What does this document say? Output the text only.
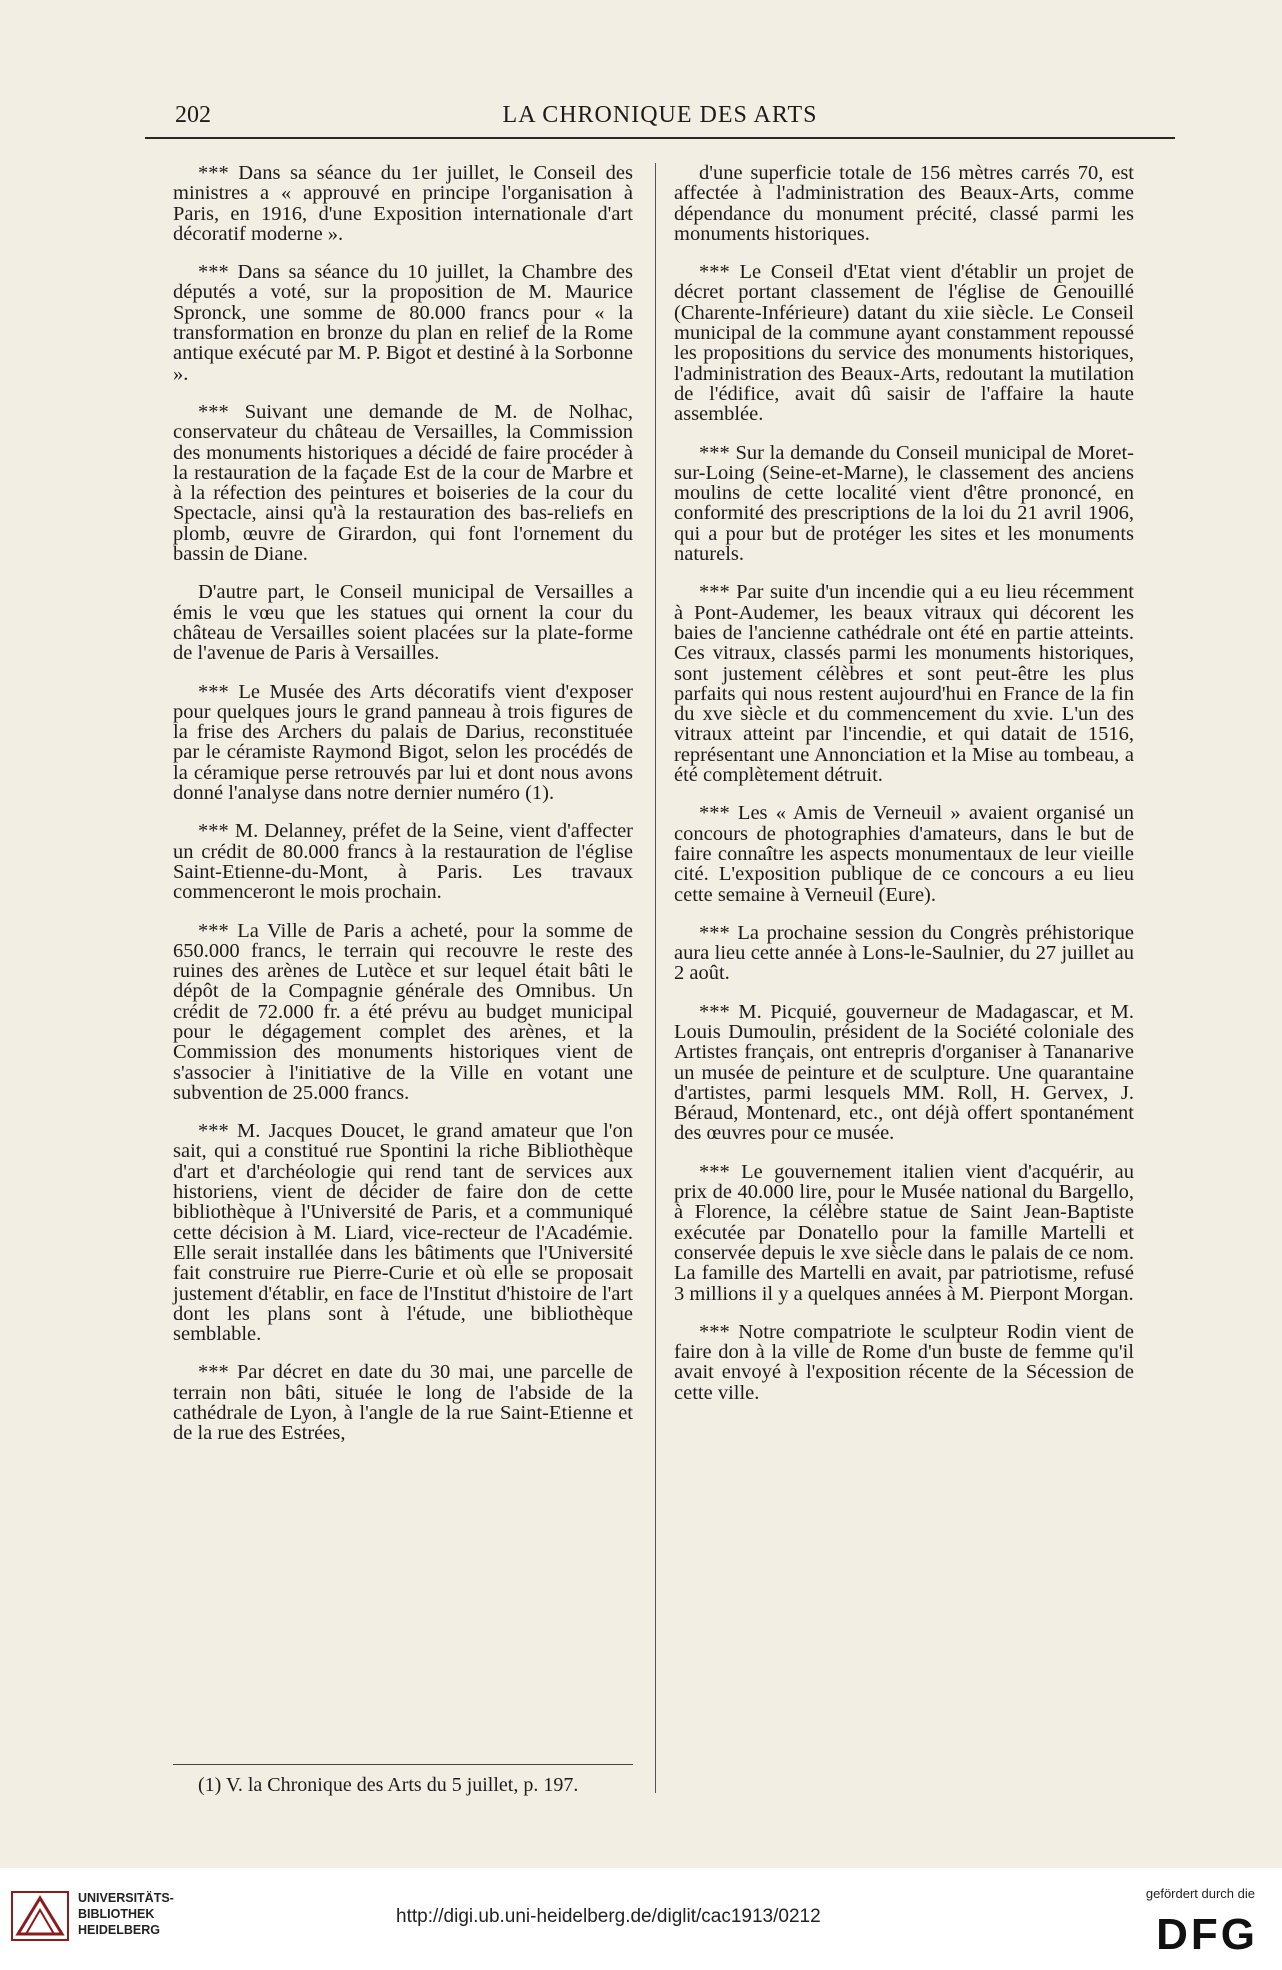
202	LA CHRONIQUE DES ARTS

*** Dans sa séance du 1er juillet, le Conseil des ministres a « approuvé en principe l'organisation à Paris, en 1916, d'une Exposition internationale d'art décoratif moderne ».

*** Dans sa séance du 10 juillet, la Chambre des députés a voté, sur la proposition de M. Maurice Spronck, une somme de 80.000 francs pour « la transformation en bronze du plan en relief de la Rome antique exécuté par M. P. Bigot et destiné à la Sorbonne ».

*** Suivant une demande de M. de Nolhac, conservateur du château de Versailles, la Commission des monuments historiques a décidé de faire procéder à la restauration de la façade Est de la cour de Marbre et à la réfection des peintures et boiseries de la cour du Spectacle, ainsi qu'à la restauration des bas-reliefs en plomb, œuvre de Girardon, qui font l'ornement du bassin de Diane.

D'autre part, le Conseil municipal de Versailles a émis le vœu que les statues qui ornent la cour du château de Versailles soient placées sur la plate-forme de l'avenue de Paris à Versailles.

*** Le Musée des Arts décoratifs vient d'exposer pour quelques jours le grand panneau à trois figures de la frise des Archers du palais de Darius, reconstituée par le céramiste Raymond Bigot, selon les procédés de la céramique perse retrouvés par lui et dont nous avons donné l'analyse dans notre dernier numéro (1).

*** M. Delanney, préfet de la Seine, vient d'affecter un crédit de 80.000 francs à la restauration de l'église Saint-Etienne-du-Mont, à Paris. Les travaux commenceront le mois prochain.

*** La Ville de Paris a acheté, pour la somme de 650.000 francs, le terrain qui recouvre le reste des ruines des arènes de Lutèce et sur lequel était bâti le dépôt de la Compagnie générale des Omnibus. Un crédit de 72.000 fr. a été prévu au budget municipal pour le dégagement complet des arènes, et la Commission des monuments historiques vient de s'associer à l'initiative de la Ville en votant une subvention de 25.000 francs.

*** M. Jacques Doucet, le grand amateur que l'on sait, qui a constitué rue Spontini la riche Bibliothèque d'art et d'archéologie qui rend tant de services aux historiens, vient de décider de faire don de cette bibliothèque à l'Université de Paris, et a communiqué cette décision à M. Liard, vice-recteur de l'Académie. Elle serait installée dans les bâtiments que l'Université fait construire rue Pierre-Curie et où elle se proposait justement d'établir, en face de l'Institut d'histoire de l'art dont les plans sont à l'étude, une bibliothèque semblable.

*** Par décret en date du 30 mai, une parcelle de terrain non bâti, située le long de l'abside de la cathédrale de Lyon, à l'angle de la rue Saint-Etienne et de la rue des Estrées,

d'une superficie totale de 156 mètres carrés 70, est affectée à l'administration des Beaux-Arts, comme dépendance du monument précité, classé parmi les monuments historiques.

*** Le Conseil d'Etat vient d'établir un projet de décret portant classement de l'église de Genouillé (Charente-Inférieure) datant du xiie siècle. Le Conseil municipal de la commune ayant constamment repoussé les propositions du service des monuments historiques, l'administration des Beaux-Arts, redoutant la mutilation de l'édifice, avait dû saisir de l'affaire la haute assemblée.

*** Sur la demande du Conseil municipal de Moret-sur-Loing (Seine-et-Marne), le classement des anciens moulins de cette localité vient d'être prononcé, en conformité des prescriptions de la loi du 21 avril 1906, qui a pour but de protéger les sites et les monuments naturels.

*** Par suite d'un incendie qui a eu lieu récemment à Pont-Audemer, les beaux vitraux qui décorent les baies de l'ancienne cathédrale ont été en partie atteints. Ces vitraux, classés parmi les monuments historiques, sont justement célèbres et sont peut-être les plus parfaits qui nous restent aujourd'hui en France de la fin du xve siècle et du commencement du xvie. L'un des vitraux atteint par l'incendie, et qui datait de 1516, représentant une Annonciation et la Mise au tombeau, a été complètement détruit.

*** Les « Amis de Verneuil » avaient organisé un concours de photographies d'amateurs, dans le but de faire connaître les aspects monumentaux de leur vieille cité. L'exposition publique de ce concours a eu lieu cette semaine à Verneuil (Eure).

*** La prochaine session du Congrès préhistorique aura lieu cette année à Lons-le-Saulnier, du 27 juillet au 2 août.

*** M. Picquié, gouverneur de Madagascar, et M. Louis Dumoulin, président de la Société coloniale des Artistes français, ont entrepris d'organiser à Tananarive un musée de peinture et de sculpture. Une quarantaine d'artistes, parmi lesquels MM. Roll, H. Gervex, J. Béraud, Montenard, etc., ont déjà offert spontanément des œuvres pour ce musée.

*** Le gouvernement italien vient d'acquérir, au prix de 40.000 lire, pour le Musée national du Bargello, à Florence, la célèbre statue de Saint Jean-Baptiste exécutée par Donatello pour la famille Martelli et conservée depuis le xve siècle dans le palais de ce nom. La famille des Martelli en avait, par patriotisme, refusé 3 millions il y a quelques années à M. Pierpont Morgan.

*** Notre compatriote le sculpteur Rodin vient de faire don à la ville de Rome d'un buste de femme qu'il avait envoyé à l'exposition récente de la Sécession de cette ville.

(1) V. la Chronique des Arts du 5 juillet, p. 197.
UNIVERSITÄTS-
BIBLIOTHEK
HEIDELBERG
http://digi.ub.uni-heidelberg.de/diglit/cac1913/0212
gefördert durch die
DFG
